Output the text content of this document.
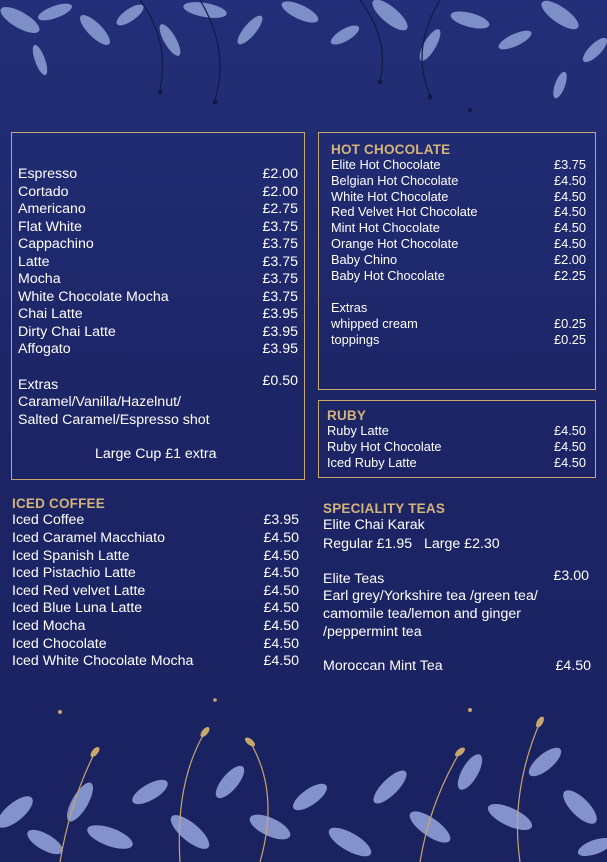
Espresso	£2.00
Cortado	£2.00
Americano	£2.75
Flat White	£3.75
Cappachino	£3.75
Latte	£3.75
Mocha	£3.75
White Chocolate Mocha	£3.75
Chai Latte	£3.95
Dirty Chai Latte	£3.95
Affogato	£3.95
Extras	£0.50
Caramel/Vanilla/Hazelnut/
Salted Caramel/Espresso shot
Large Cup £1 extra
HOT CHOCOLATE
Elite Hot Chocolate	£3.75
Belgian Hot Chocolate	£4.50
White Hot Chocolate	£4.50
Red Velvet Hot Chocolate	£4.50
Mint Hot Chocolate	£4.50
Orange Hot Chocolate	£4.50
Baby Chino	£2.00
Baby Hot Chocolate	£2.25
Extras
whipped cream	£0.25
toppings	£0.25
RUBY
Ruby Latte	£4.50
Ruby Hot Chocolate	£4.50
Iced Ruby Latte	£4.50
ICED COFFEE
Iced Coffee	£3.95
Iced Caramel Macchiato	£4.50
Iced Spanish Latte	£4.50
Iced Pistachio Latte	£4.50
Iced Red velvet Latte	£4.50
Iced Blue Luna Latte	£4.50
Iced Mocha	£4.50
Iced Chocolate	£4.50
Iced White Chocolate Mocha	£4.50
SPECIALITY TEAS
Elite Chai Karak
Regular £1.95   Large £2.30
Elite Teas	£3.00
Earl grey/Yorkshire tea /green tea/
camomile tea/lemon and ginger
/peppermint tea
Moroccan Mint Tea	£4.50
